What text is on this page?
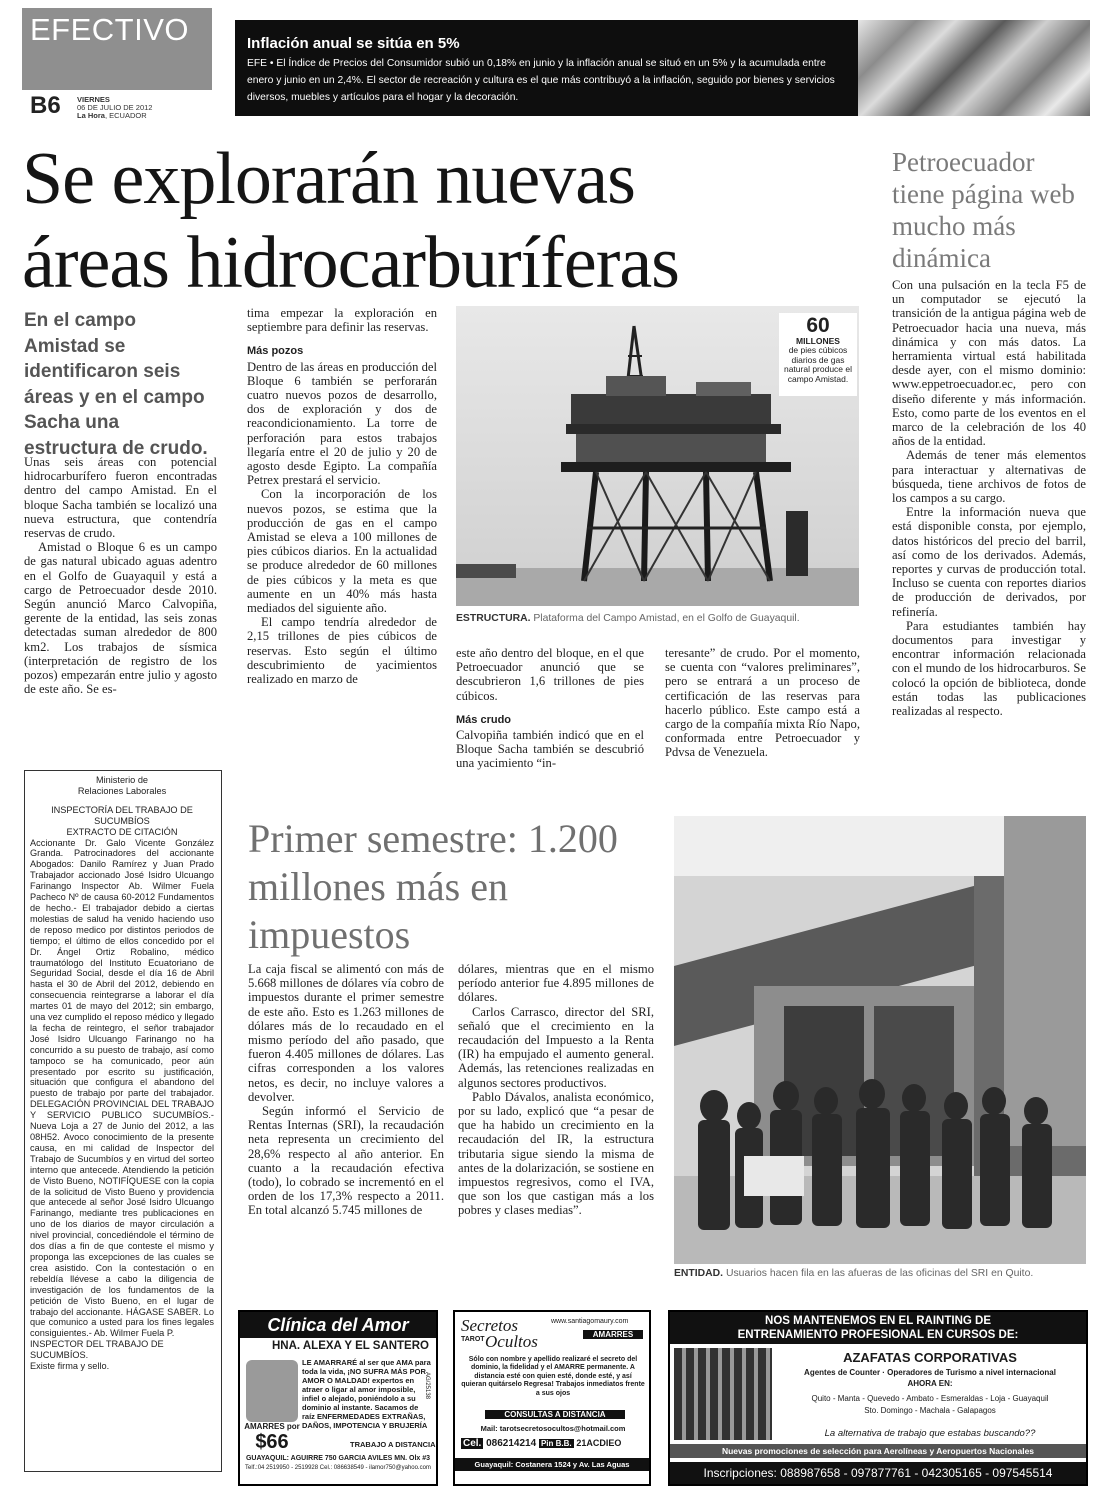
EFECTIVO
B6 VIERNES
06 DE JULIO DE 2012
La Hora, ECUADOR
Inflación anual se sitúa en 5%
EFE • El Índice de Precios del Consumidor subió un 0,18% en junio y la inflación anual se situó en un 5% y la acumulada entre enero y junio en un 2,4%. El sector de recreación y cultura es el que más contribuyó a la inflación, seguido por bienes y servicios diversos, muebles y artículos para el hogar y la decoración.
Se explorarán nuevas
áreas hidrocarburíferas
Petroecuador tiene página web mucho más dinámica

Con una pulsación en la tecla F5 de un computador se ejecutó la transición de la antigua página web de Petroecuador hacia una nueva, más dinámica y con más datos. La herramienta virtual está habilitada desde ayer, con el mismo dominio: www.eppetroecuador.ec, pero con diseño diferente y más información. Esto, como parte de los eventos en el marco de la celebración de los 40 años de la entidad.

Además de tener más elementos para interactuar y alternativas de búsqueda, tiene archivos de fotos de los campos a su cargo.

Entre la información nueva que está disponible consta, por ejemplo, datos históricos del precio del barril, así como de los derivados. Además, reportes y curvas de producción total. Incluso se cuenta con reportes diarios de producción de derivados, por refinería.

Para estudiantes también hay documentos para investigar y encontrar información relacionada con el mundo de los hidrocarburos. Se colocó la opción de biblioteca, donde están todas las publicaciones realizadas al respecto.

En el campo Amistad se identificaron seis áreas y en el campo Sacha una estructura de crudo.

Unas seis áreas con potencial hidrocarburífero fueron encontradas dentro del campo Amistad. En el bloque Sacha también se localizó una nueva estructura, que contendría reservas de crudo.

Amistad o Bloque 6 es un campo de gas natural ubicado aguas adentro en el Golfo de Guayaquil y está a cargo de Petroecuador desde 2010. Según anunció Marco Calvopiña, gerente de la entidad, las seis zonas detectadas suman alrededor de 800 km2. Los trabajos de sísmica (interpretación de registro de los pozos) empezarán entre julio y agosto de este año. Se es-

tima empezar la exploración en septiembre para definir las reservas.

Más pozos

Dentro de las áreas en producción del Bloque 6 también se perforarán cuatro nuevos pozos de desarrollo, dos de exploración y dos de reacondicionamiento. La torre de perforación para estos trabajos llegaría entre el 20 de julio y 20 de agosto desde Egipto. La compañía Petrex prestará el servicio.

Con la incorporación de los nuevos pozos, se estima que la producción de gas en el campo Amistad se eleva a 100 millones de pies cúbicos diarios. En la actualidad se produce alrededor de 60 millones de pies cúbicos y la meta es que aumente en un 40% más hasta mediados del siguiente año.

El campo tendría alrededor de 2,15 trillones de pies cúbicos de reservas. Esto según el último descubrimiento de yacimientos realizado en marzo de

60
MILLONES
de pies cúbicos diarios de gas natural produce el campo Amistad.
ESTRUCTURA. Plataforma del Campo Amistad, en el Golfo de Guayaquil.

este año dentro del bloque, en el que Petroecuador anunció que se descubrieron 1,6 trillones de pies cúbicos.

Más crudo

Calvopiña también indicó que en el Bloque Sacha también se descubrió una yacimiento “in-

teresante” de crudo. Por el momento, se cuenta con “valores preliminares”, pero se entrará a un proceso de certificación de las reservas para hacerlo público. Este campo está a cargo de la compañía mixta Río Napo, conformada entre Petroecuador y Pdvsa de Venezuela.

Ministerio de Relaciones Laborales
INSPECTORÍA DEL TRABAJO DE SUCUMBÍOS
EXTRACTO DE CITACIÓN
Accionante Dr. Galo Vicente González Granda. Patrocinadores del accionante Abogados: Danilo Ramírez y Juan Prado Trabajador accionado José Isidro Ulcuango Farinango Inspector Ab. Wilmer Fuela Pacheco Nº de causa 60-2012 Fundamentos de hecho.- El trabajador debido a ciertas molestias de salud ha venido haciendo uso de reposo medico por distintos periodos de tiempo; el último de ellos concedido por el Dr. Ángel Ortiz Robalino, médico traumatólogo del Instituto Ecuatoriano de Seguridad Social, desde el día 16 de Abril hasta el 30 de Abril del 2012, debiendo en consecuencia reintegrarse a laborar el día martes 01 de mayo del 2012; sin embargo, una vez cumplido el reposo médico y llegado la fecha de reintegro, el señor trabajador José Isidro Ulcuango Farinango no ha concurrido a su puesto de trabajo, así como tampoco se ha comunicado, peor aún presentado por escrito su justificación, situación que configura el abandono del puesto de trabajo por parte del trabajador. DELEGACIÓN PROVINCIAL DEL TRABAJO Y SERVICIO PUBLICO SUCUMBÍOS.- Nueva Loja a 27 de Junio del 2012, a las 08H52. Avoco conocimiento de la presente causa, en mi calidad de Inspector del Trabajo de Sucumbíos y en virtud del sorteo interno que antecede. Atendiendo la petición de Visto Bueno, NOTIFÍQUESE con la copia de la solicitud de Visto Bueno y providencia que antecede al señor José Isidro Ulcuango Farinango, mediante tres publicaciones en uno de los diarios de mayor circulación a nivel provincial, concediéndole el término de dos días a fin de que conteste el mismo y proponga las excepciones de las cuales se crea asistido. Con la contestación o en rebeldía llévese a cabo la diligencia de investigación de los fundamentos de la petición de Visto Bueno, en el lugar de trabajo del accionante. HÁGASE SABER. Lo que comunico a usted para los fines legales consiguientes.- Ab. Wilmer Fuela P.
INSPECTOR DEL TRABAJO DE SUCUMBÍOS.
Existe firma y sello.
Primer semestre: 1.200 millones más en impuestos

La caja fiscal se alimentó con más de 5.668 millones de dólares vía cobro de impuestos durante el primer semestre de este año. Esto es 1.263 millones de dólares más de lo recaudado en el mismo período del año pasado, que fueron 4.405 millones de dólares. Las cifras corresponden a los valores netos, es decir, no incluye valores a devolver.

Según informó el Servicio de Rentas Internas (SRI), la recaudación neta representa un crecimiento del 28,6% respecto al año anterior. En cuanto a la recaudación efectiva (todo), lo cobrado se incrementó en el orden de los 17,3% respecto a 2011. En total alcanzó 5.745 millones de

dólares, mientras que en el mismo período anterior fue 4.895 millones de dólares.

Carlos Carrasco, director del SRI, señaló que el crecimiento en la recaudación del Impuesto a la Renta (IR) ha empujado el aumento general. Además, las retenciones realizadas en algunos sectores productivos.

Pablo Dávalos, analista económico, por su lado, explicó que “a pesar de que ha habido un crecimiento en la recaudación del IR, la estructura tributaria sigue siendo la misma de antes de la dolarización, se sostiene en impuestos regresivos, como el IVA, que son los que castigan más a los pobres y clases medias”.

ENTIDAD. Usuarios hacen fila en las afueras de las oficinas del SRI en Quito.
Clínica del Amor
HNA. ALEXA Y EL SANTERO
AMARRES por
$66
LE AMARRARÉ al ser que AMA para toda la vida, ¡NO SUFRA MÁS POR AMOR O MALDAD! expertos en atraer o ligar al amor imposible, infiel o alejado, poniéndolo a su dominio al instante. Sacamos de raíz ENFERMEDADES EXTRAÑAS, DAÑOS, IMPOTENCIA Y BRUJERÍA
TRABAJO A DISTANCIA
GUAYAQUIL: AGUIRRE 750 GARCIA AVILES MN. Olx #3
Telf.:04 2519950 - 2519928 Cel.: 086638549 - ilamor750@yahoo.com
AG/25138
Secretos
Ocultos
www.santiagomaury.com
TAROT
AMARRES
Sólo con nombre y apellido realizaré el secreto del dominio, la fidelidad y el AMARRE permanente. A distancia esté con quien esté, donde esté, y así quieran quitárselo Regresa! Trabajos inmediatos frente a sus ojos
CONSULTAS A DISTANCIA
Mail: tarotsecretosocultos@hotmail.com
Cel. 086214214 Pin B.B. 21ACDIEO
Guayaquil: Costanera 1524 y Av. Las Aguas
NOS MANTENEMOS EN EL RAINTING DE
ENTRENAMIENTO PROFESIONAL EN CURSOS DE:
AZAFATAS CORPORATIVAS
Agentes de Counter · Operadores de Turismo a nivel internacional
AHORA EN:
Quito - Manta - Quevedo - Ambato - Esmeraldas - Loja - Guayaquil
Sto. Domingo - Machala - Galapagos
La alternativa de trabajo que estabas buscando??
Nuevas promociones de selección para Aerolíneas y Aeropuertos Nacionales
Inscripciones: 088987658 - 097877761 - 042305165 - 097545514
